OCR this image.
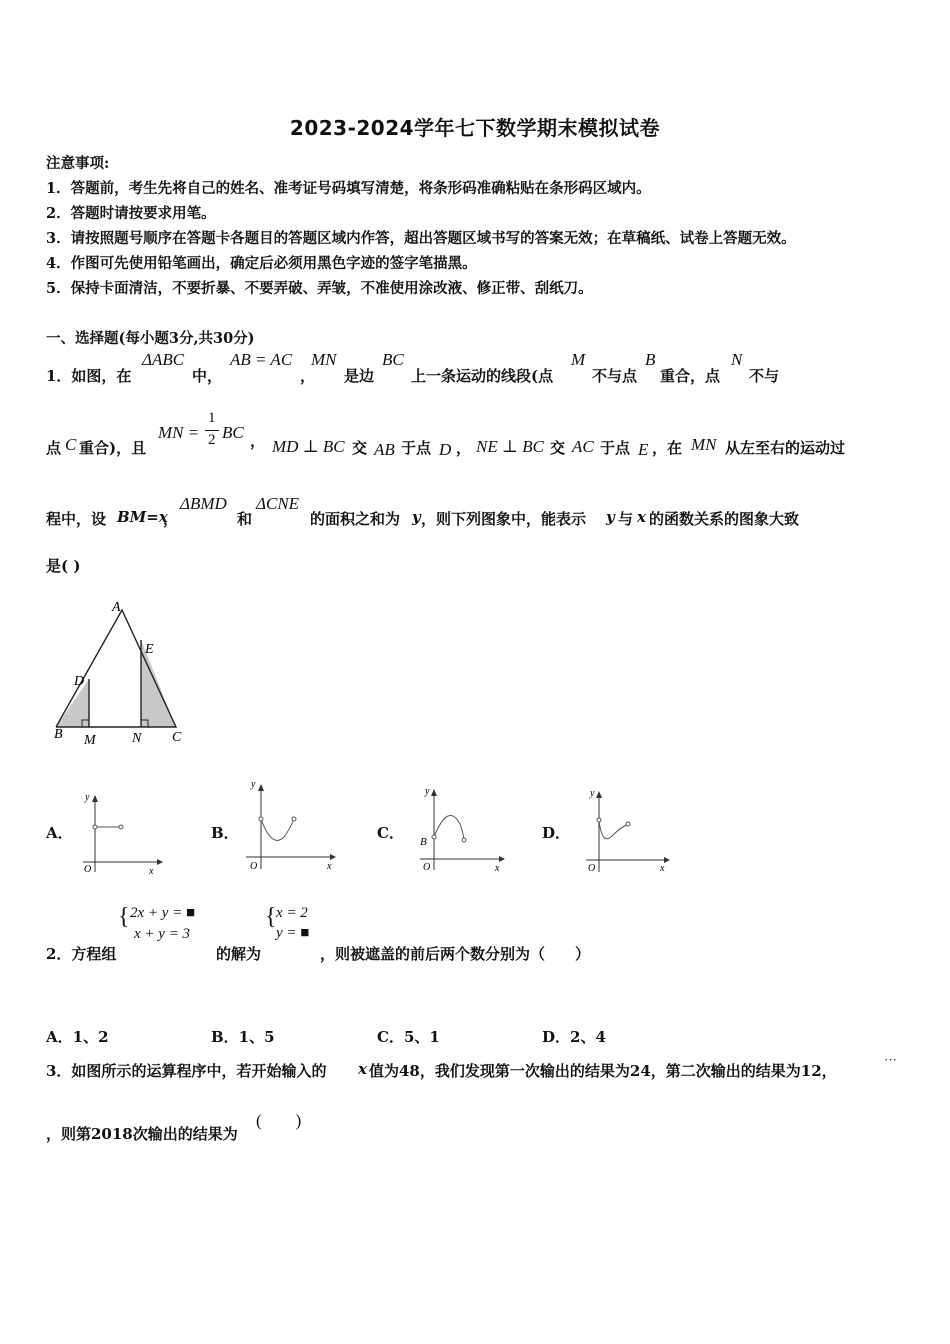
2023-2024学年七下数学期末模拟试卷
注意事项:
1．答题前，考生先将自己的姓名、准考证号码填写清楚，将条形码准确粘贴在条形码区域内。
2．答题时请按要求用笔。
3．请按照题号顺序在答题卡各题目的答题区域内作答，超出答题区域书写的答案无效；在草稿纸、试卷上答题无效。
4．作图可先使用铅笔画出，确定后必须用黑色字迹的签字笔描黑。
5．保持卡面清洁，不要折暴、不要弄破、弄皱，不准使用涂改液、修正带、刮纸刀。
一、选择题(每小题3分,共30分)
1．如图，在
ΔABC
中，
AB = AC
，
MN
是边
BC
上一条运动的线段(点
M
不与点
B
重合，点
N
不与
点 C 重合)，且
MN =
1
2 BC ， MD ⊥ BC 交 AB 于点 D ， NE ⊥ BC 交 AC 于点 E ，在 MN 从左至右的运动过
程中，设 BM=x
，
ΔBMD
和
ΔCNE
的面积之和为 y ，则下列图象中，能表示 y 与 x 的函数关系的图象大致
是( )
A
E
D
B M	N C
A．
y
x
O
B．
y
x
O
C．
y
x
O
B	D．
y
x
O
2．方程组
{ 2x + y = ■
x + y = 3
的解为
{ x = 2
y = ■
，则被遮盖的前后两个数分别为（　　）
A．1、2	B．1、5	C．5、1	D．2、4
3．如图所示的运算程序中，若开始输入的 x 值为48，我们发现第一次输出的结果为24，第二次输出的结果为12，
···
，则第2018次输出的结果为
(　　)
